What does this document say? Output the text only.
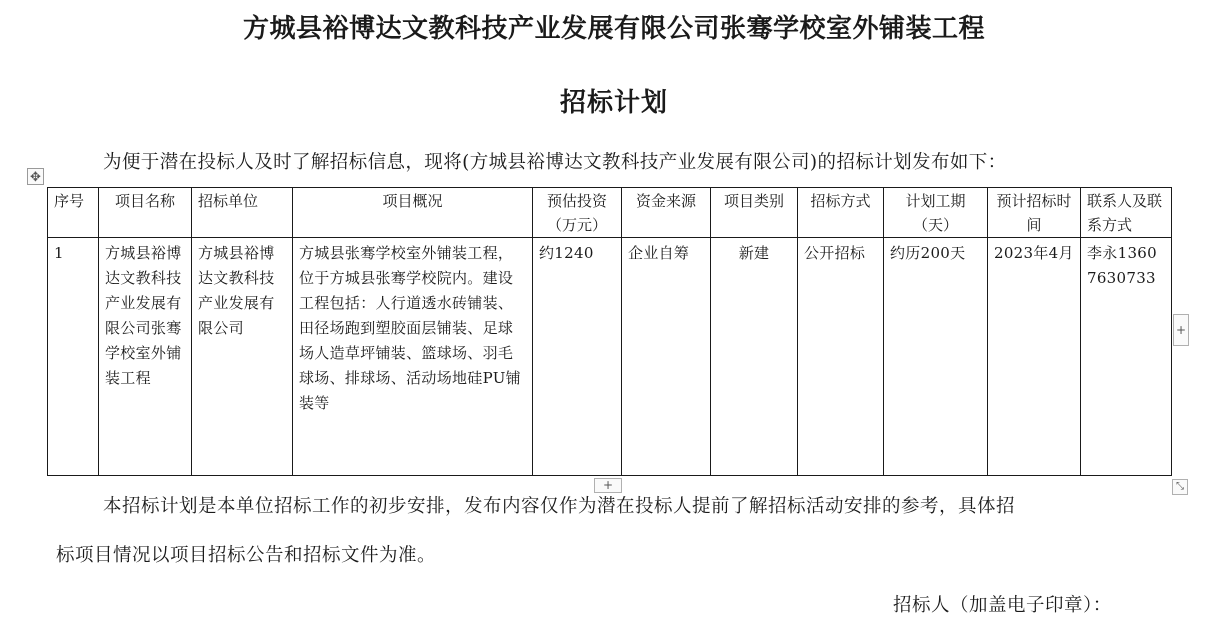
方城县裕博达文教科技产业发展有限公司张骞学校室外铺装工程
招标计划
为便于潜在投标人及时了解招标信息，现将(方城县裕博达文教科技产业发展有限公司)的招标计划发布如下：
✥
序号	项目名称	招标单位	项目概况	预估投资（万元）	资金来源	项目类别	招标方式	计划工期（天）	预计招标时间	联系人及联系方式
1	方城县裕博达文教科技产业发展有限公司张骞学校室外铺装工程	方城县裕博达文教科技产业发展有限公司	方城县张骞学校室外铺装工程，位于方城县张骞学校院内。建设工程包括：人行道透水砖铺装、田径场跑到塑胶面层铺装、足球场人造草坪铺装、篮球场、羽毛球场、排球场、活动场地硅PU铺装等	约1240	企业自筹	新建	公开招标	约历200天	2023年4月	李永13607630733
+
+	⤡
本招标计划是本单位招标工作的初步安排，发布内容仅作为潜在投标人提前了解招标活动安排的参考，具体招
标项目情况以项目招标公告和招标文件为准。
招标人（加盖电子印章）：
